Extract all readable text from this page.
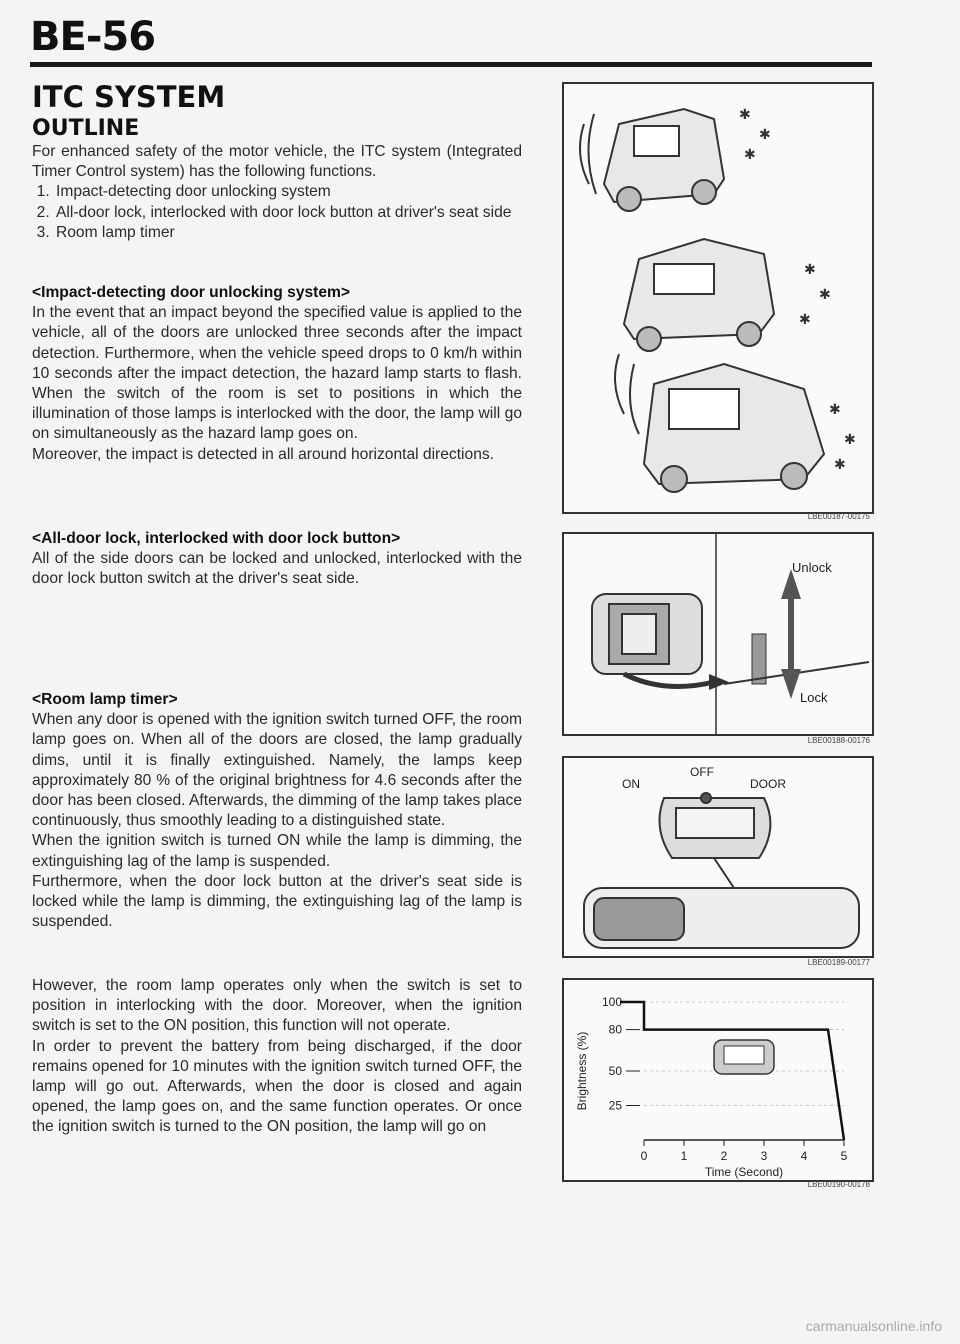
BE-56
ITC SYSTEM
OUTLINE

For enhanced safety of the motor vehicle, the ITC system (Integrated Timer Control system) has the following functions.

1. Impact-detecting door unlocking system
2. All-door lock, interlocked with door lock button at driver's seat side
3. Room lamp timer

<Impact-detecting door unlocking system>

In the event that an impact beyond the specified value is applied to the vehicle, all of the doors are unlocked three seconds after the impact detection. Furthermore, when the vehicle speed drops to 0 km/h within 10 seconds after the impact detection, the hazard lamp starts to flash. When the switch of the room is set to positions in which the illumination of those lamps is interlocked with the door, the lamp will go on simultaneously as the hazard lamp goes on.

Moreover, the impact is detected in all around horizontal directions.

<All-door lock, interlocked with door lock button>

All of the side doors can be locked and unlocked, interlocked with the door lock button switch at the driver's seat side.

<Room lamp timer>

When any door is opened with the ignition switch turned OFF, the room lamp goes on. When all of the doors are closed, the lamp gradually dims, until it is finally extinguished. Namely, the lamps keep approximately 80 % of the original brightness for 4.6 seconds after the door has been closed. Afterwards, the dimming of the lamp takes place continuously, thus smoothly leading to a distinguished state.

When the ignition switch is turned ON while the lamp is dimming, the extinguishing lag of the lamp is suspended.

Furthermore, when the door lock button at the driver's seat side is locked while the lamp is dimming, the extinguishing lag of the lamp is suspended.

However, the room lamp operates only when the switch is set to position in interlocking with the door. Moreover, when the ignition switch is set to the ON position, this function will not operate.

In order to prevent the battery from being discharged, if the door remains opened for 10 minutes with the ignition switch turned OFF, the lamp will go out. Afterwards, when the door is closed and again opened, the lamp goes on, and the same function operates. Or once the ignition switch is turned to the ON position, the lamp will go on

✱
✱
✱
✱
✱
✱
✱
✱
✱
LBE00187-00175
Unlock
Lock
LBE00188-00176
ON
OFF
DOOR
LBE00189-00177
25
50
80
100
0	1	2	3	4	5
Time (Second)
Brightness (%)
LBE00190-00178
carmanualsonline.info
